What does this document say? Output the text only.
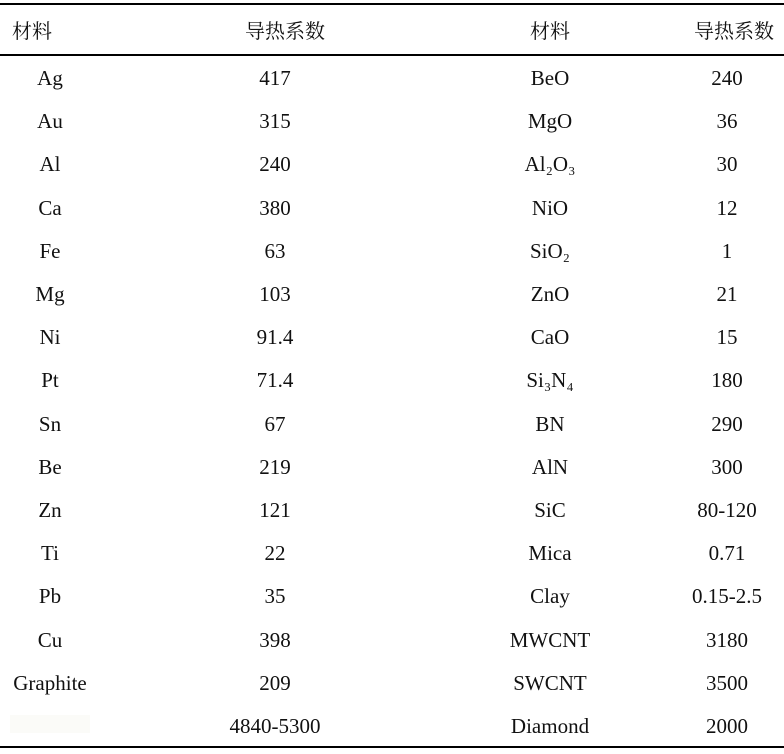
材料	导热系数	材料	导热系数
Ag	417	BeO	240
Au	315	MgO	36
Al	240	Al₂O₃	30
Ca	380	NiO	12
Fe	63	SiO₂	1
Mg	103	ZnO	21
Ni	91.4	CaO	15
Pt	71.4	Si₃N₄	180
Sn	67	BN	290
Be	219	AlN	300
Zn	121	SiC	80-120
Ti	22	Mica	0.71
Pb	35	Clay	0.15-2.5
Cu	398	MWCNT	3180
Graphite	209	SWCNT	3500
	4840-5300	Diamond	2000
